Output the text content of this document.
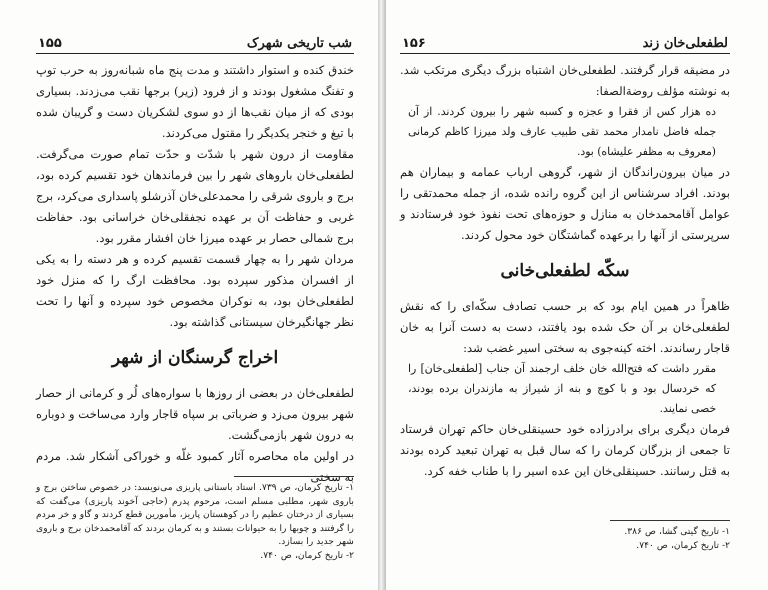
شب تاریخی شهرک
۱۵۵

خندق کنده و استوار داشتند و مدت پنج ماه شبانه‌روز به حرب توپ و تفنگ مشغول بودند و از فرود (زیر) برجها نقب می‌زدند. بسیاری بودی که از میان نقب‌ها از دو سوی لشکریان دست و گریبان شده با تیغ و خنجر یکدیگر را مقتول می‌کردند.

مقاومت از درون شهر با شدّت و حدّت تمام صورت می‌گرفت. لطفعلی‌خان باروهای شهر را بین فرماندهان خود تقسیم کرده بود، برج و باروی شرقی را محمدعلی‌خان آذرشلو پاسداری می‌کرد، برج غربی و حفاظت آن بر عهده نجفقلی‌خان خراسانی بود. حفاظت برج شمالی حصار بر عهده میرزا خان افشار مقرر بود.

مردان شهر را به چهار قسمت تقسیم کرده و هر دسته را به یکی از افسران مذکور سپرده بود. محافظت ارگ را که منزل خود لطفعلی‌خان بود، به نوکران مخصوص خود سپرده و آنها را تحت نظر جهانگیرخان سیستانی گذاشته بود.

اخراج گرسنگان از شهر

لطفعلی‌خان در بعضی از روزها با سواره‌های لُر و کرمانی از حصار شهر بیرون می‌زد و ضرباتی بر سپاه قاجار وارد می‌ساخت و دوباره به درون شهر بازمی‌گشت.

در اولین ماه محاصره آثار کمبود غلّه و خوراکی آشکار شد. مردم به سختی

۱- تاریخ کرمان، ص ۷۳۹. استاد باستانی پاریزی می‌نویسد: در خصوص ساختن برج و باروی شهر، مطلبی مسلم است، مرحوم پدرم (حاجی آخوند پاریزی) می‌گفت که بسیاری از درختان عظیم را در کوهستان پاریز، مأمورین قطع کردند و گاو و خر مردم را گرفتند و چوبها را به حیوانات بستند و به کرمان بردند که آقامحمدخان برج و باروی شهر جدید را بسازد.

۲- تاریخ کرمان، ص ۷۴۰.

لطفعلی‌خان زند
۱۵۶

در مضیقه قرار گرفتند. لطفعلی‌خان اشتباه بزرگ دیگری مرتکب شد. به نوشته مؤلف روضة‌الصفا:

ده هزار کس از فقرا و عجزه و کسبه شهر را بیرون کردند. از آن جمله فاضل نامدار محمد تقی طبیب عارف ولد میرزا کاظم کرمانی (معروف به مظفر علیشاه) بود.

در میان بیرون‌راندگان از شهر، گروهی ارباب عمامه و بیماران هم بودند. افراد سرشناس از این گروه رانده شده، از جمله محمدتقی را عوامل آقامحمدخان به منازل و حوزه‌های تحت نفوذ خود فرستادند و سرپرستی از آنها را برعهده گماشتگان خود محول کردند.

سکّه لطفعلی‌خانی

ظاهراً در همین ایام بود که بر حسب تصادف سکّه‌ای را که نقش لطفعلی‌خان بر آن حک شده بود یافتند، دست به دست آنرا به خان قاجار رساندند. اخته کینه‌جوی به سختی اسیر غضب شد:

مقرر داشت که فتح‌الله خان خلف ارجمند آن جناب [لطفعلی‌خان] را که خردسال بود و با کوچ و بنه از شیراز به مازندران برده بودند، خصی نمایند.

فرمان دیگری برای برادرزاده خود حسینقلی‌خان حاکم تهران فرستاد تا جمعی از بزرگان کرمان را که سال قبل به تهران تبعید کرده بودند به قتل رسانند. حسینقلی‌خان این عده اسیر را با طناب خفه کرد.

۱- تاریخ گیتی گشا، ص ۳۸۶.

۲- تاریخ کرمان، ص ۷۴۰.
